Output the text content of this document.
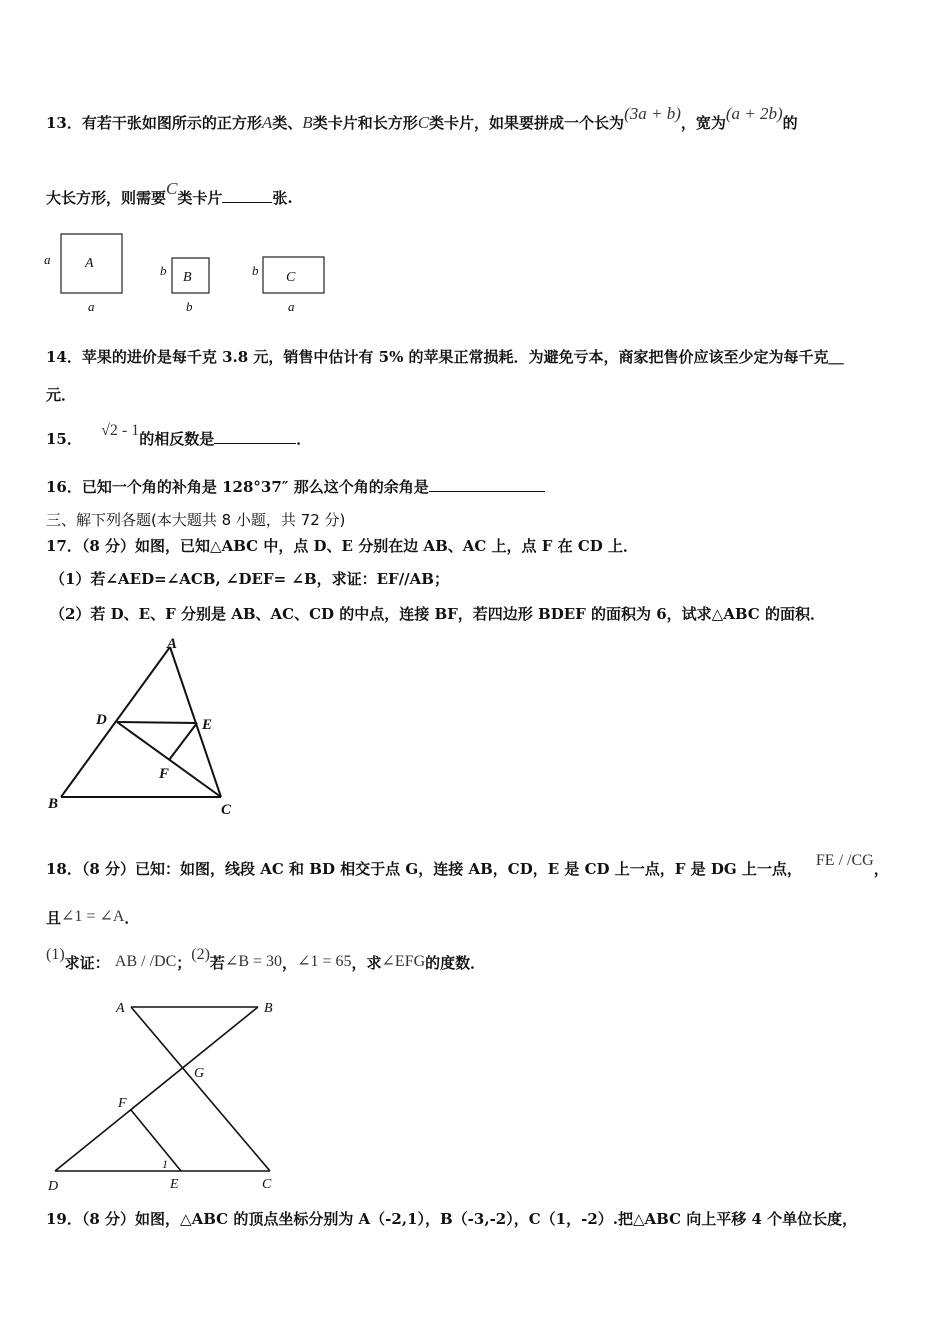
13．有若干张如图所示的正方形A类、B类卡片和长方形C类卡片，如果要拼成一个长为(3a + b)，宽为(a + 2b)的
大长方形，则需要C类卡片	张.
a
a
A	b
b
B	b
a
C
14．苹果的进价是每千克 3.8 元，销售中估计有 5% 的苹果正常损耗．为避免亏本，商家把售价应该至少定为每千克＿
元．
15． √2 - 1的相反数是	．
16．已知一个角的补角是 128°37″ 那么这个角的余角是
三、解下列各题(本大题共 8 小题，共 72 分)
17．（8 分）如图，已知△ABC 中，点 D、E 分别在边 AB、AC 上，点 F 在 CD 上．
（1）若∠AED=∠ACB, ∠DEF= ∠B，求证：EF//AB；
（2）若 D、E、F 分别是 AB、AC、CD 的中点，连接 BF，若四边形 BDEF 的面积为 6，试求△ABC 的面积．
A
B	C
D	E
F
18．（8 分）已知：如图，线段 AC 和 BD 相交于点 G，连接 AB，CD，E 是 CD 上一点，F 是 DG 上一点， FE / /CG，
且∠1 = ∠A．
(1)求证： AB / /DC；(2)若∠B = 30，∠1 = 65，求∠EFG的度数．
A	B
G
F
D	E	C
1
19．（8 分）如图，△ABC 的顶点坐标分别为 A（-2,1），B（-3,-2），C（1，-2）.把△ABC 向上平移 4 个单位长度，
